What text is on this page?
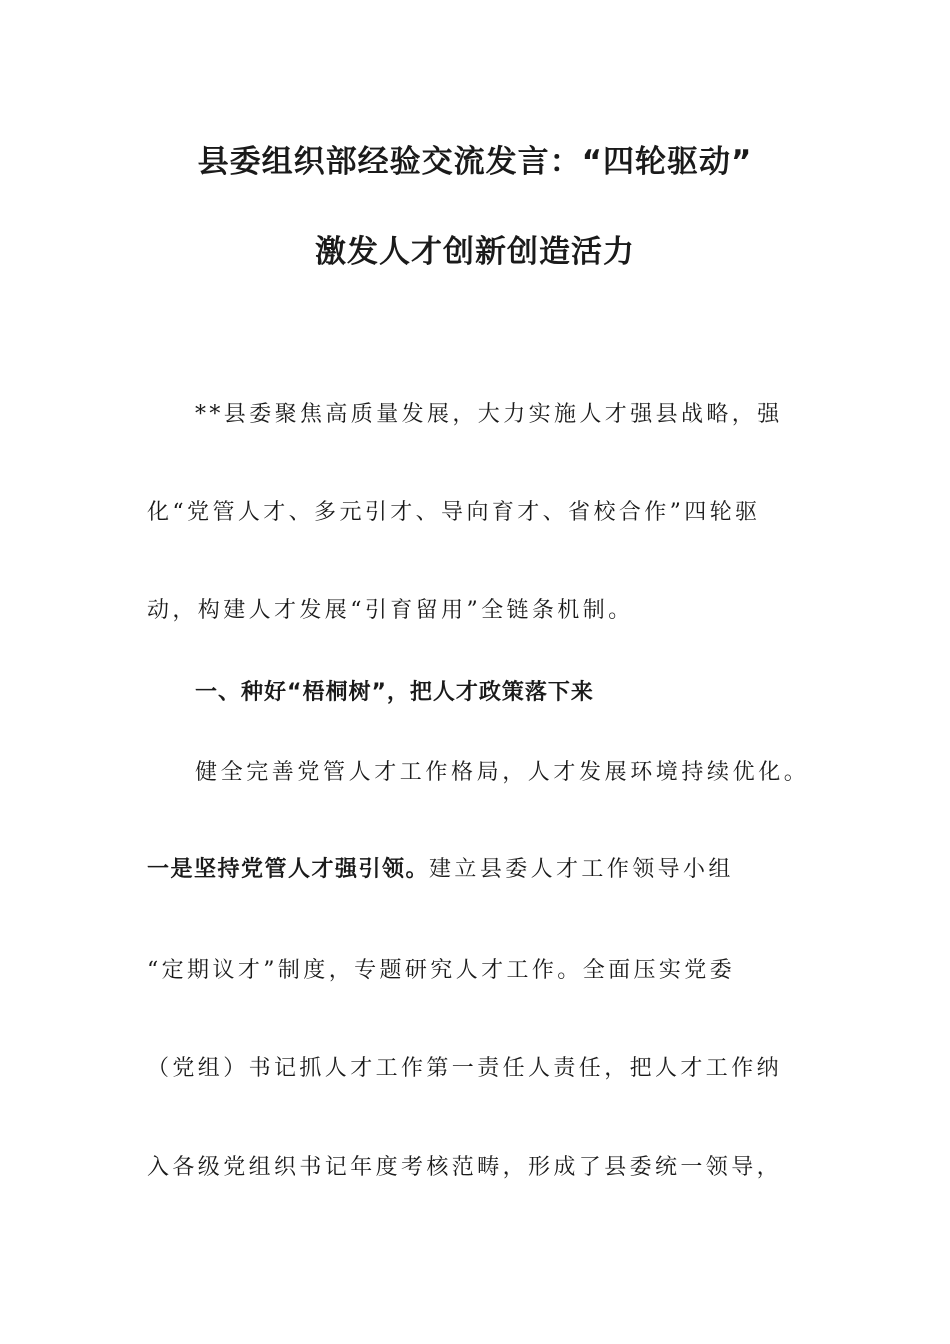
县委组织部经验交流发言：“四轮驱动”
激发人才创新创造活力
**县委聚焦高质量发展，大力实施人才强县战略，强
化“党管人才、多元引才、导向育才、省校合作”四轮驱
动，构建人才发展“引育留用”全链条机制。
一、种好“梧桐树”，把人才政策落下来
健全完善党管人才工作格局，人才发展环境持续优化。
一是坚持党管人才强引领。建立县委人才工作领导小组
“定期议才”制度，专题研究人才工作。全面压实党委
（党组）书记抓人才工作第一责任人责任，把人才工作纳
入各级党组织书记年度考核范畴，形成了县委统一领导，
